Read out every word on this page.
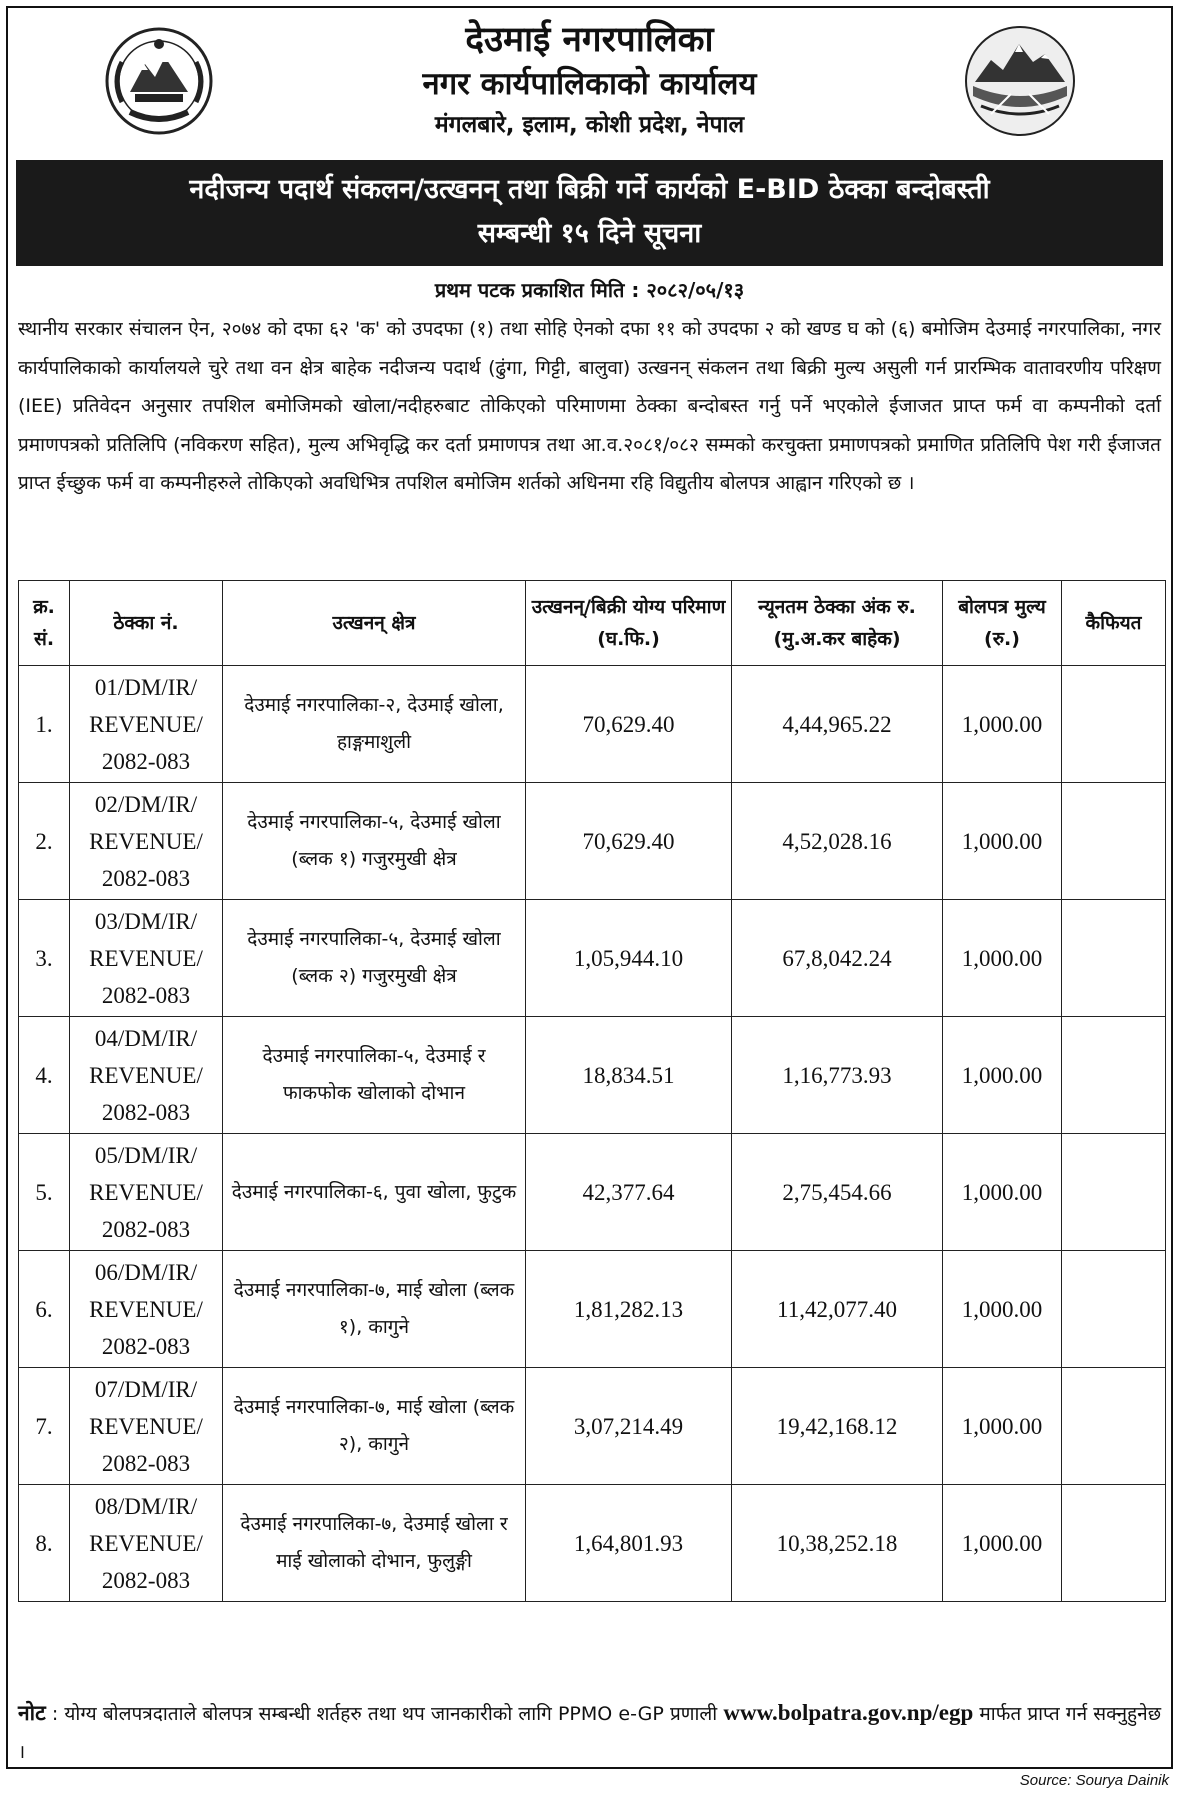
देउमाई नगरपालिका
नगर कार्यपालिकाको कार्यालय
मंगलबारे, इलाम, कोशी प्रदेश, नेपाल
नदीजन्य पदार्थ संकलन/उत्खनन् तथा बिक्री गर्ने कार्यको E-BID ठेक्का बन्दोबस्ती
सम्बन्धी १५ दिने सूचना
प्रथम पटक प्रकाशित मिति : २०८२/०५/१३
स्थानीय सरकार संचालन ऐन, २०७४ को दफा ६२ 'क' को उपदफा (१) तथा सोहि ऐनको दफा ११ को उपदफा २ को खण्ड घ को (६) बमोजिम देउमाई नगरपालिका, नगर कार्यपालिकाको कार्यालयले चुरे तथा वन क्षेत्र बाहेक नदीजन्य पदार्थ (ढुंगा, गिट्टी, बालुवा) उत्खनन् संकलन तथा बिक्री मुल्य असुली गर्न प्रारम्भिक वातावरणीय परिक्षण (IEE) प्रतिवेदन अनुसार तपशिल बमोजिमको खोला/नदीहरुबाट तोकिएको परिमाणमा ठेक्का बन्दोबस्त गर्नु पर्ने भएकोले ईजाजत प्राप्त फर्म वा कम्पनीको दर्ता प्रमाणपत्रको प्रतिलिपि (नविकरण सहित), मुल्य अभिवृद्धि कर दर्ता प्रमाणपत्र तथा आ.व.२०८१/०८२ सम्मको करचुक्ता प्रमाणपत्रको प्रमाणित प्रतिलिपि पेश गरी ईजाजत प्राप्त ईच्छुक फर्म वा कम्पनीहरुले तोकिएको अवधिभित्र तपशिल बमोजिम शर्तको अधिनमा रहि विद्युतीय बोलपत्र आह्वान गरिएको छ ।
क्र. सं.	ठेक्का नं.	उत्खनन् क्षेत्र	उत्खनन्/बिक्री योग्य परिमाण (घ.फि.)	न्यूनतम ठेक्का अंक रु. (मु.अ.कर बाहेक)	बोलपत्र मुल्य (रु.)	कैफियत
1.	01/DM/IR/ REVENUE/ 2082-083	देउमाई नगरपालिका-२, देउमाई खोला, हाङ्गमाशुली	70,629.40	4,44,965.22	1,000.00	
2.	02/DM/IR/ REVENUE/ 2082-083	देउमाई नगरपालिका-५, देउमाई खोला (ब्लक १) गजुरमुखी क्षेत्र	70,629.40	4,52,028.16	1,000.00	
3.	03/DM/IR/ REVENUE/ 2082-083	देउमाई नगरपालिका-५, देउमाई खोला (ब्लक २) गजुरमुखी क्षेत्र	1,05,944.10	67,8,042.24	1,000.00	
4.	04/DM/IR/ REVENUE/ 2082-083	देउमाई नगरपालिका-५, देउमाई र फाकफोक खोलाको दोभान	18,834.51	1,16,773.93	1,000.00	
5.	05/DM/IR/ REVENUE/ 2082-083	देउमाई नगरपालिका-६, पुवा खोला, फुटुक	42,377.64	2,75,454.66	1,000.00	
6.	06/DM/IR/ REVENUE/ 2082-083	देउमाई नगरपालिका-७, माई खोला (ब्लक १), कागुने	1,81,282.13	11,42,077.40	1,000.00	
7.	07/DM/IR/ REVENUE/ 2082-083	देउमाई नगरपालिका-७, माई खोला (ब्लक २), कागुने	3,07,214.49	19,42,168.12	1,000.00	
8.	08/DM/IR/ REVENUE/ 2082-083	देउमाई नगरपालिका-७, देउमाई खोला र माई खोलाको दोभान, फुलुङ्गी	1,64,801.93	10,38,252.18	1,000.00	
नोट : योग्य बोलपत्रदाताले बोलपत्र सम्बन्धी शर्तहरु तथा थप जानकारीको लागि PPMO e-GP प्रणाली www.bolpatra.gov.np/egp मार्फत प्राप्त गर्न सक्नुहुनेछ ।
Source: Sourya Dainik
